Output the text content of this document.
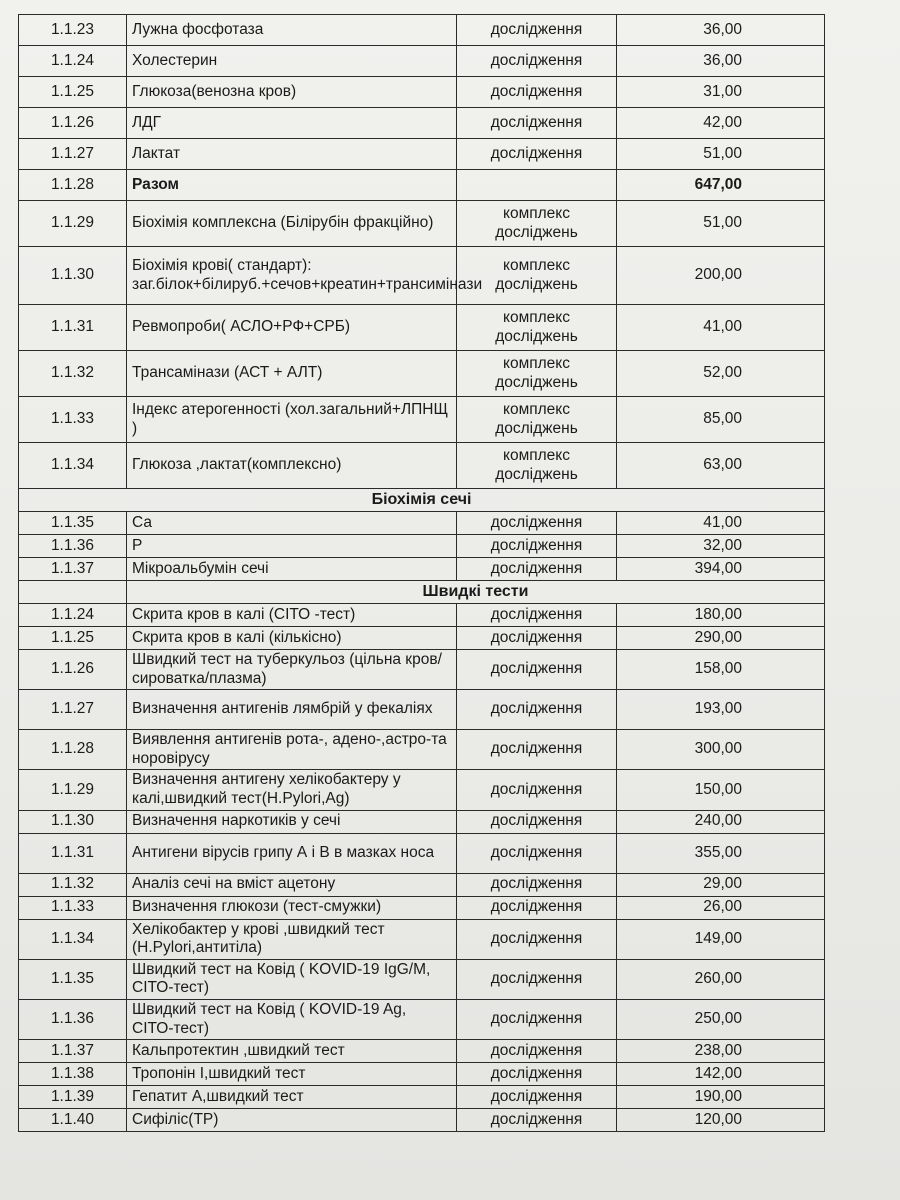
1.1.23	Лужна фосфотаза	дослідження	36,00
1.1.24	Холестерин	дослідження	36,00
1.1.25	Глюкоза(венозна кров)	дослідження	31,00
1.1.26	ЛДГ	дослідження	42,00
1.1.27	Лактат	дослідження	51,00
1.1.28	Разом		647,00
1.1.29	Біохімія комплексна (Білірубін фракційно)	комплекс досліджень	51,00
1.1.30	Біохімія крові( стандарт): заг.білок+білируб.+сечов+креатин+трансимінази	комплекс досліджень	200,00
1.1.31	Ревмопроби( АСЛО+РФ+СРБ)	комплекс досліджень	41,00
1.1.32	Трансамінази (АСТ + АЛТ)	комплекс досліджень	52,00
1.1.33	Індекс атерогенності (хол.загальний+ЛПНЩ )	комплекс досліджень	85,00
1.1.34	Глюкоза ,лактат(комплексно)	комплекс досліджень	63,00
Біохімія сечі			
1.1.35	Са	дослідження	41,00
1.1.36	Р	дослідження	32,00
1.1.37	Мікроальбумін сечі	дослідження	394,00
	Швидкі тести		
1.1.24	Скрита кров в калі (СІТО -тест)	дослідження	180,00
1.1.25	Скрита кров в калі (кількісно)	дослідження	290,00
1.1.26	Швидкий тест на туберкульоз (цільна кров/сироватка/плазма)	дослідження	158,00
1.1.27	Визначення антигенів лямбрій у фекаліях	дослідження	193,00
1.1.28	Виявлення антигенів рота-, адено-,астро-та норовірусу	дослідження	300,00
1.1.29	Визначення антигену хелікобактеру у калі,швидкий тест(H.Pylori,Ag)	дослідження	150,00
1.1.30	Визначення наркотиків у сечі	дослідження	240,00
1.1.31	Антигени вірусів грипу А і В в мазках носа	дослідження	355,00
1.1.32	Аналіз сечі на вміст ацетону	дослідження	29,00
1.1.33	Визначення глюкози (тест-смужки)	дослідження	26,00
1.1.34	Хелікобактер у крові ,швидкий тест (H.Pylori,антитіла)	дослідження	149,00
1.1.35	Швидкий тест на Ковід ( KOVID-19 IgG/M, СІТО-тест)	дослідження	260,00
1.1.36	Швидкий тест на Ковід ( KOVID-19 Ag, СІТО-тест)	дослідження	250,00
1.1.37	Кальпротектин ,швидкий тест	дослідження	238,00
1.1.38	Тропонін І,швидкий тест	дослідження	142,00
1.1.39	Гепатит А,швидкий тест	дослідження	190,00
1.1.40	Сифіліс(ТР)	дослідження	120,00
